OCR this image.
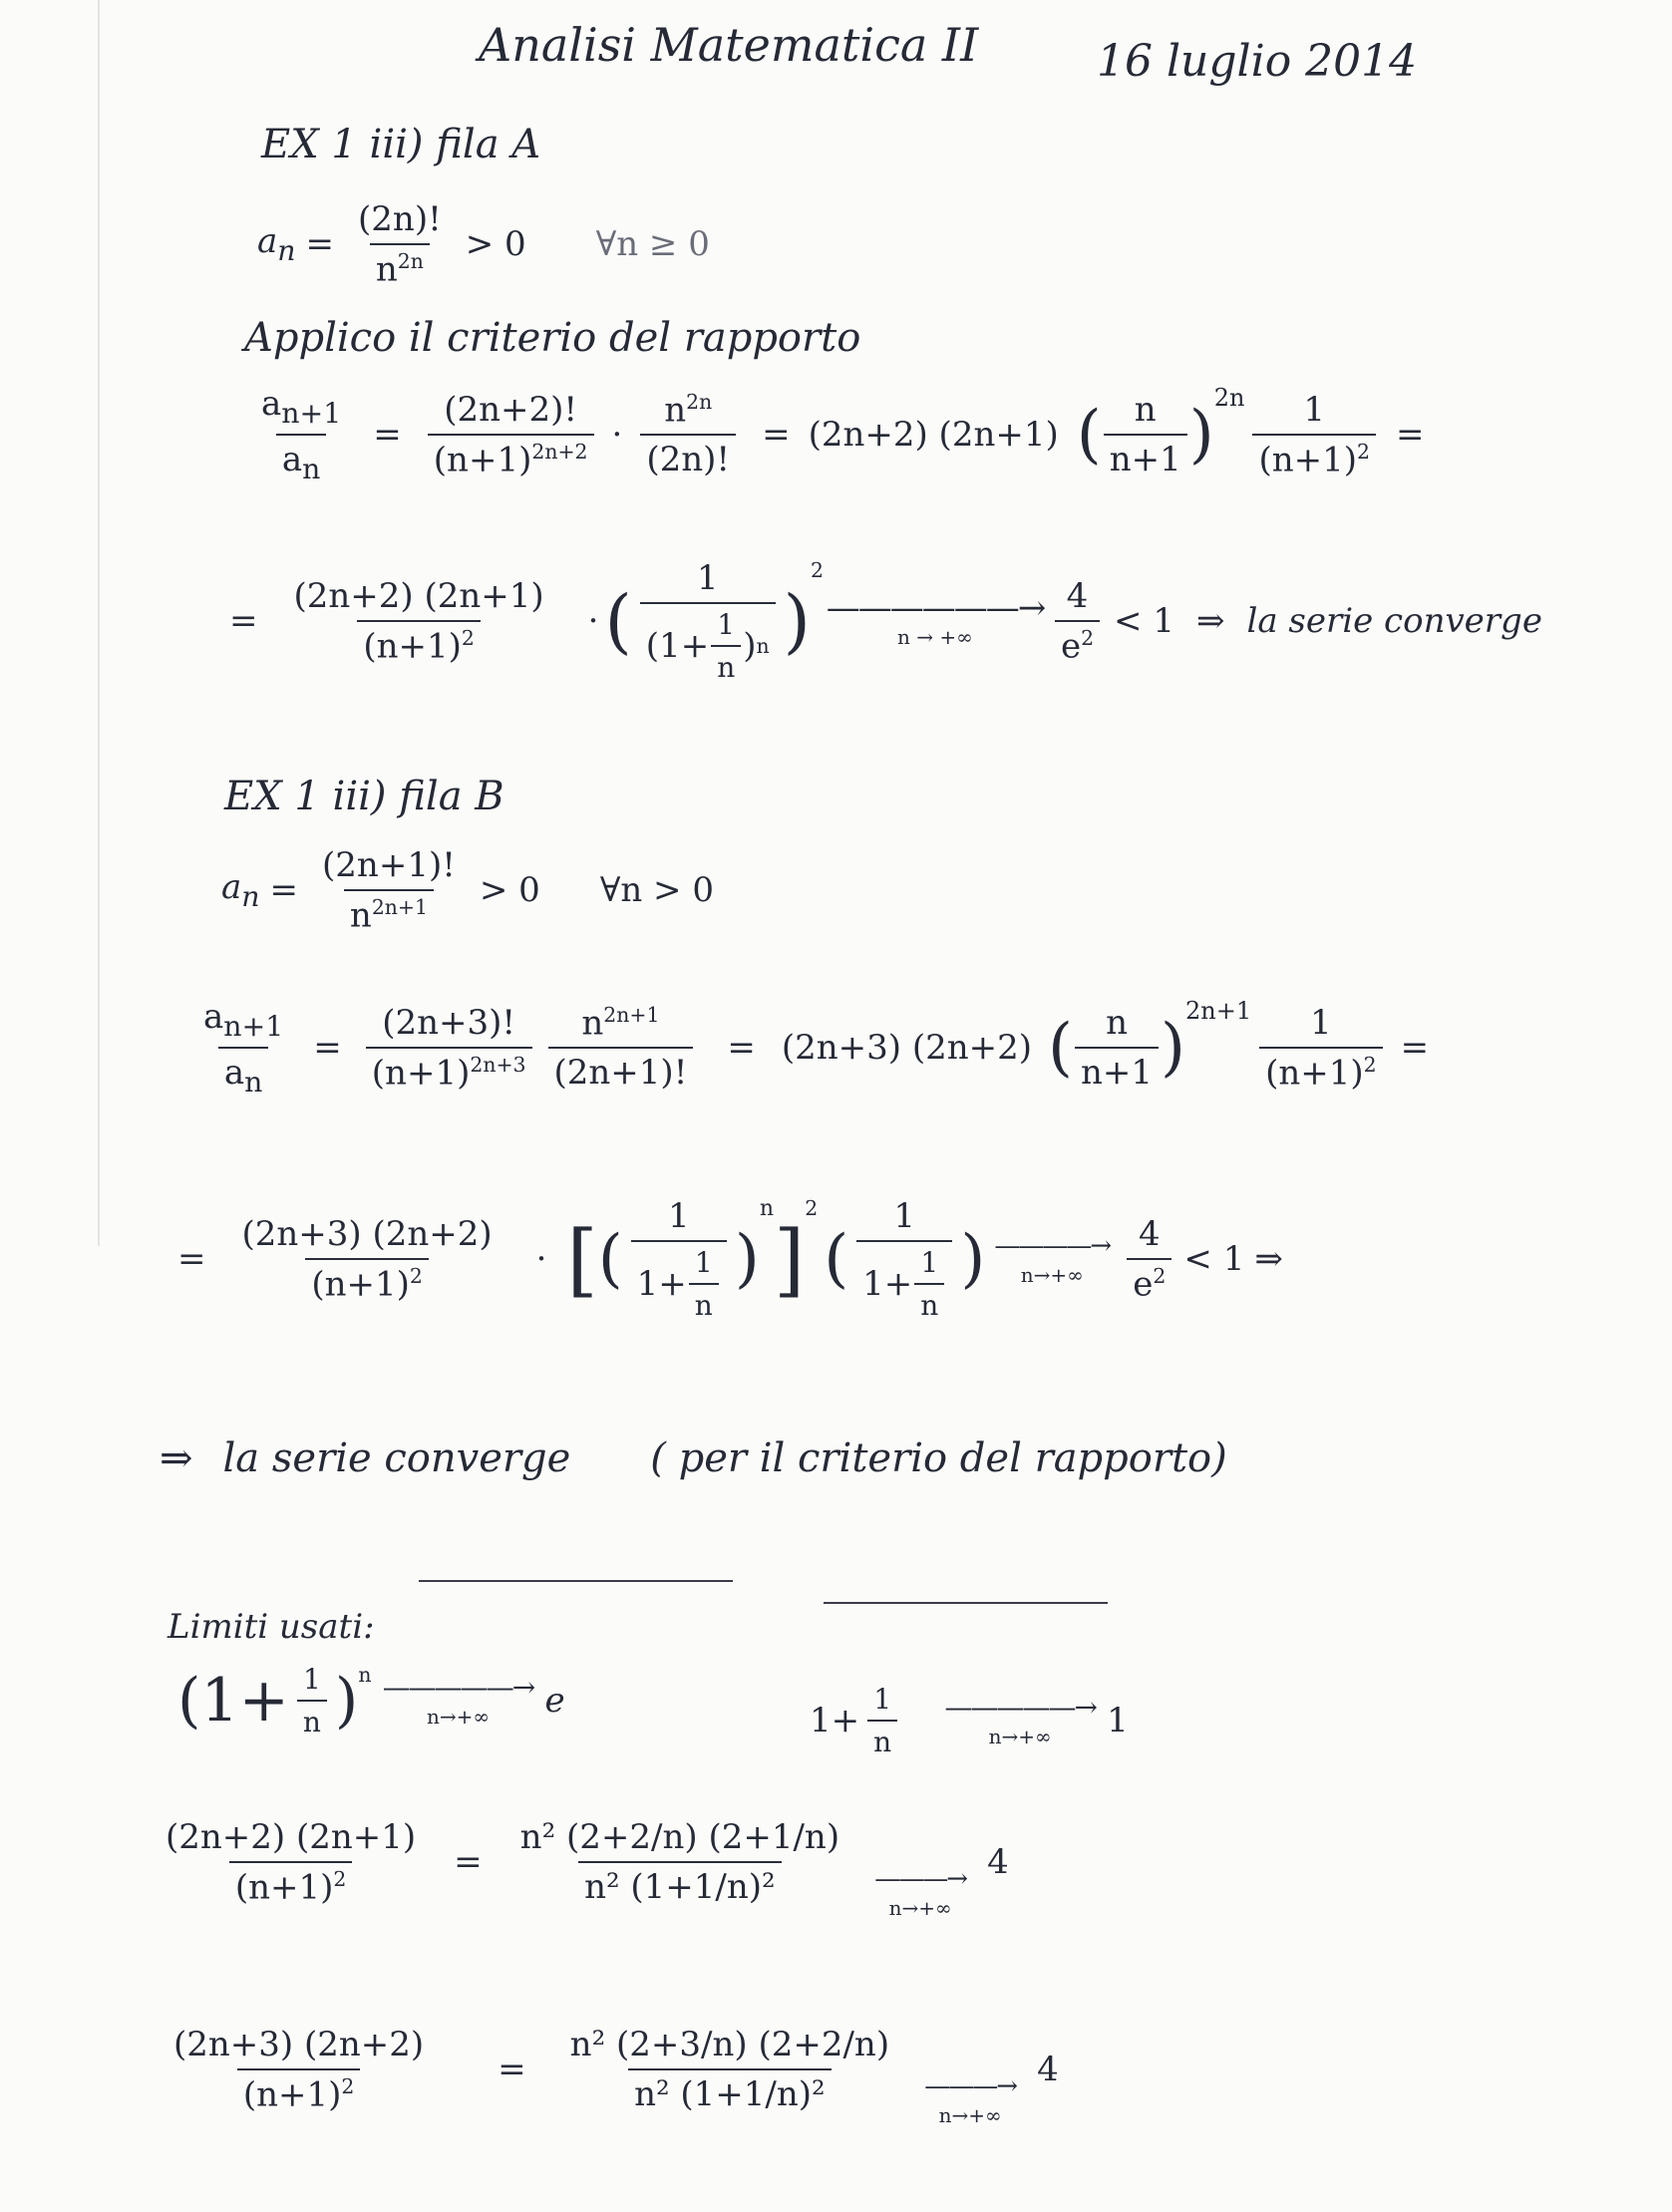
Analisi Matematica II	16 luglio 2014
EX 1 iii) fila A
$a_n = \frac{(2n)!}{n^{2n}} > 0$ ∀n ≥ 0
Applico il criterio del rapporto
$\frac{a_{n+1}}{a_n} = \frac{(2n+2)!}{(n+1)^{2n+2}} \cdot \frac{n^{2n}}{(2n)!} = (2n+2)$ (2n+1) ( $\frac{n}{n+1} )^{2n} \frac{1}{(n+1)^2}$ =
= $\frac{(2n+2) (2n+1)}{(n+1)^2}$ · ( $\frac{1}{(1+ \frac{1}{n} ) n}$ )
$^2$
——————→
n → +∞ $\frac{4}{e^2} < 1$ ⇒ la serie converge
EX 1 iii) fila B
$a_n = \frac{(2n+1)!}{n^{2n+1}} > 0$ ∀n > 0
$\frac{a_{n+1}}{a_n} = \frac{(2n+3)!}{(n+1)^{2n+3}} \frac{n^{2n+1}}{(2n+1)!} = (2n+3)$ (2n+2) ( $\frac{n}{n+1} )^{2n+1} \frac{1}{(n+1)^2}$ =
= $\frac{(2n+3) (2n+2)}{(n+1)^2}$ · [ ( $\frac{1}{1+ \frac{1}{n}}$ )
n
]
$^2$
( $\frac{1}{1+ \frac{1}{n}}$ ) ————→
$n\to+\infty \frac{4}{e^2} < 1$ ⇒
⇒ la serie converge ( per il criterio del rapporto)
Limiti usati:
$(1+ \frac{1}{n} )^n$ —————→
n→+∞ e	$1+ \frac{1}{n}$ —————→
n→+∞ 1
$\frac{(2n+2) (2n+1)}{(n+1)^2} = \frac{\text{n² (2+2/n) (2+1/n)}}{\text{n² (1+1/n)²}}$ ———→
n→+∞
4
$\frac{(2n+3) (2n+2)}{(n+1)^2} = \frac{\text{n² (2+3/n) (2+2/n)}}{\text{n² (1+1/n)²}}$ ———→
n→+∞
4
